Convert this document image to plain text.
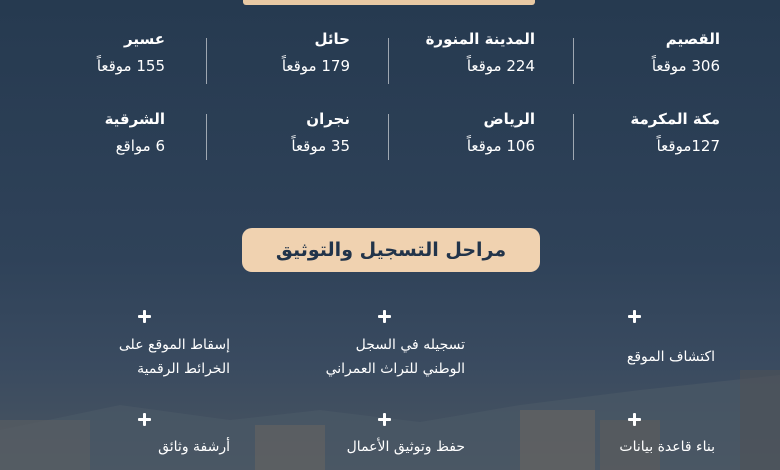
القصيم
306 موقعاً
المدينة المنورة
224 موقعاً
حائل
179 موقعاً
عسير
155 موقعاً
مكة المكرمة
127موقعاً
الرياض
106 موقعاً
نجران
35 موقعاً
الشرقية
6 مواقع
مراحل التسجيل والتوثيق
اكتشاف الموقع
تسجيله في السجل
الوطني للتراث العمراني
إسقاط الموقع على
الخرائط الرقمية
بناء قاعدة بيانات
حفظ وتوثيق الأعمال
أرشفة وثائق
